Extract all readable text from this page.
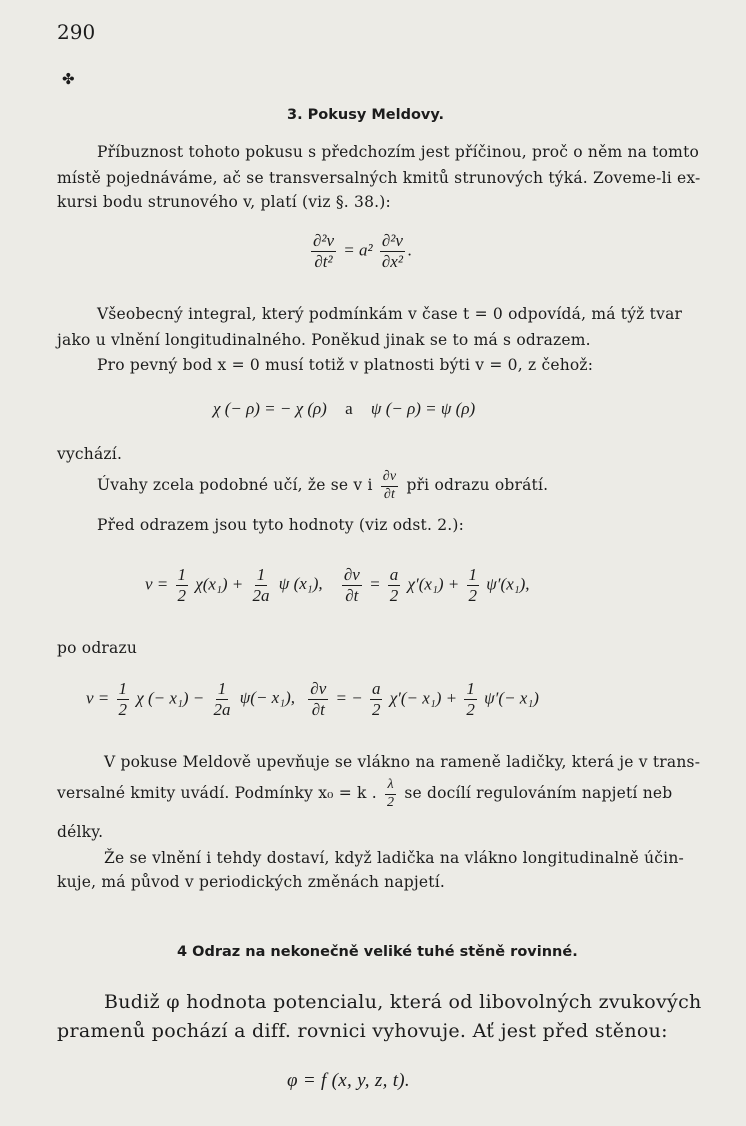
290
✤
3. Pokusy Meldovy.
Příbuznost tohoto pokusu s předchozím jest příčinou, proč o něm na tomto
místě pojednáváme, ač se transversalných kmitů strunových týká. Zoveme-li ex-
kursi bodu strunového v, platí (viz §. 38.):
$\frac{\text{∂²v}}{\text{∂t²}} = a^2 \frac{\text{∂²v}}{\text{∂x²}}$ .
Všeobecný integral, který podmínkám v čase t = 0 odpovídá, má týž tvar
jako u vlnění longitudinalného. Poněkud jinak se to má s odrazem.
Pro pevný bod x = 0 musí totiž v platnosti býti v = 0, z čehož:
χ (− ρ) = − χ (ρ) a ψ (− ρ) = ψ (ρ)
vychází.
Úvahy zcela podobné učí, že se v i $\frac{\partial v}{\partial t}$ při odrazu obrátí.
Před odrazem jsou tyto hodnoty (viz odst. 2.):
$v = \frac{1}{2} \chi(x_1) + \frac{1}{2a}$ ψ (x₁), $\frac{\partial v}{\partial t} = \frac{a}{2} \chi'(x_1) + \frac{1}{2} \psi'(x_1)$,
po odrazu
$v = \frac{1}{2}$ χ (− $x_1) - \frac{1}{2a} \psi(- x_1)$, $\frac{\partial v}{\partial t}$ = − $\frac{a}{2} \chi'(- x_1) + \frac{1}{2} \psi'(- x_1)$
V pokuse Meldově upevňuje se vlákno na rameně ladičky, která je v trans-
versalné kmity uvádí. Podmínky x₀ = k . $\frac{\lambda}{2}$ se docílí regulováním napjetí neb
délky.
Že se vlnění i tehdy dostaví, když ladička na vlákno longitudinalně účin-
kuje, má původ v periodických změnách napjetí.
4 Odraz na nekonečně veliké tuhé stěně rovinné.
Budiž φ hodnota potencialu, která od libovolných zvukových
pramenů pochází a diff. rovnici vyhovuje. Ať jest před stěnou:
φ = f (x, y, z, t).
